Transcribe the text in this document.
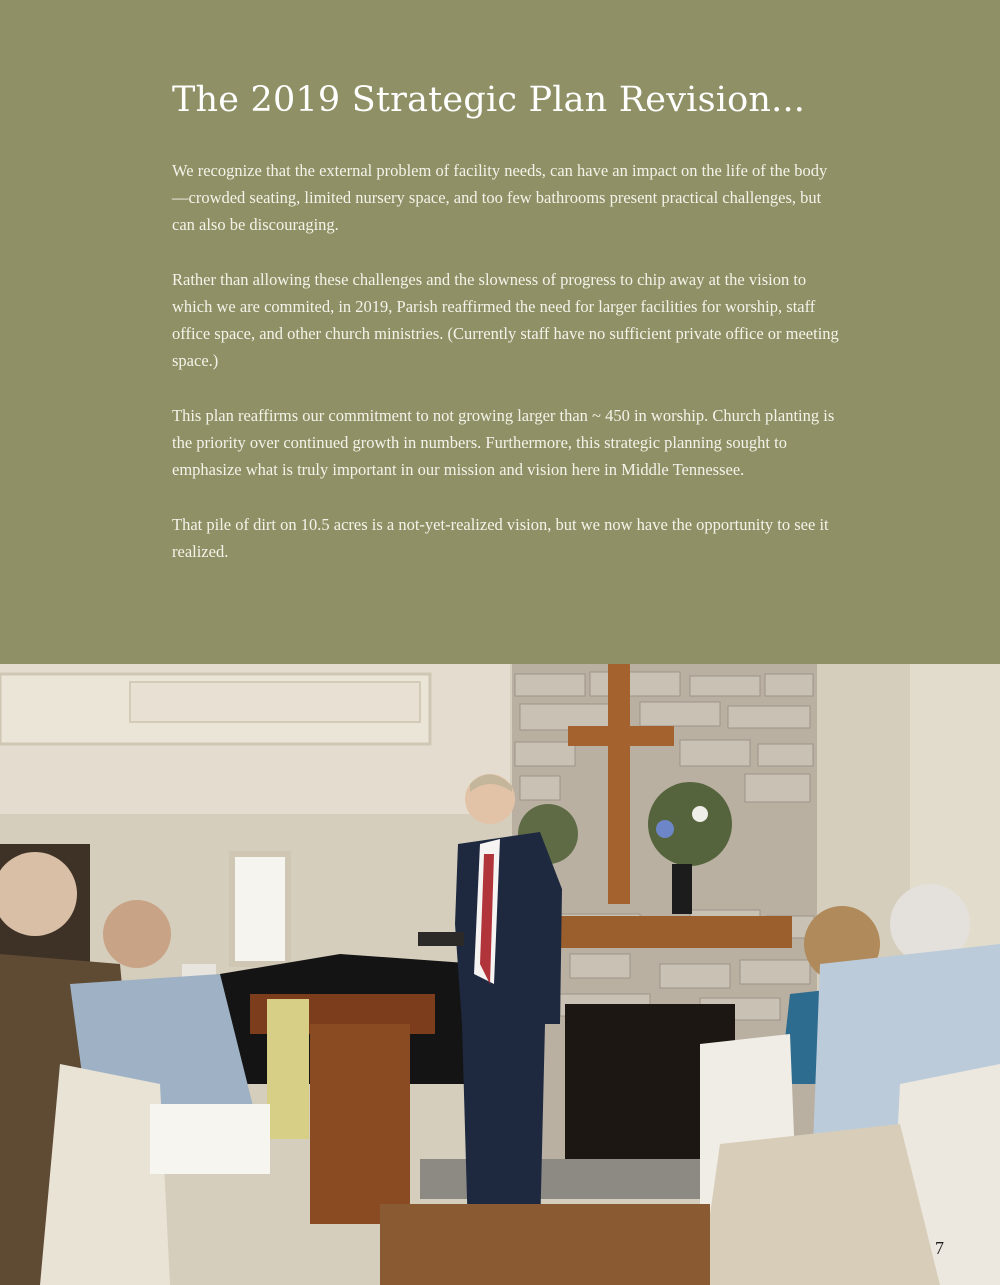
The 2019 Strategic Plan Revision...

We recognize that the external problem of facility needs, can have an impact on the life of the body—crowded seating, limited nursery space, and too few bathrooms present practical challenges, but can also be discouraging.

Rather than allowing these challenges and the slowness of progress to chip away at the vision to which we are commited, in 2019, Parish reaffirmed the need for larger facilities for worship, staff office space, and other church ministries. (Currently staff have no sufficient private office or meeting space.)

This plan reaffirms our commitment to not growing larger than ~ 450 in worship. Church planting is the priority over continued growth in numbers. Furthermore, this strategic planning sought to emphasize what is truly important in our mission and vision here in Middle Tennessee.

That pile of dirt on 10.5 acres is a not-yet-realized vision, but we now have the opportunity to see it realized.

7
